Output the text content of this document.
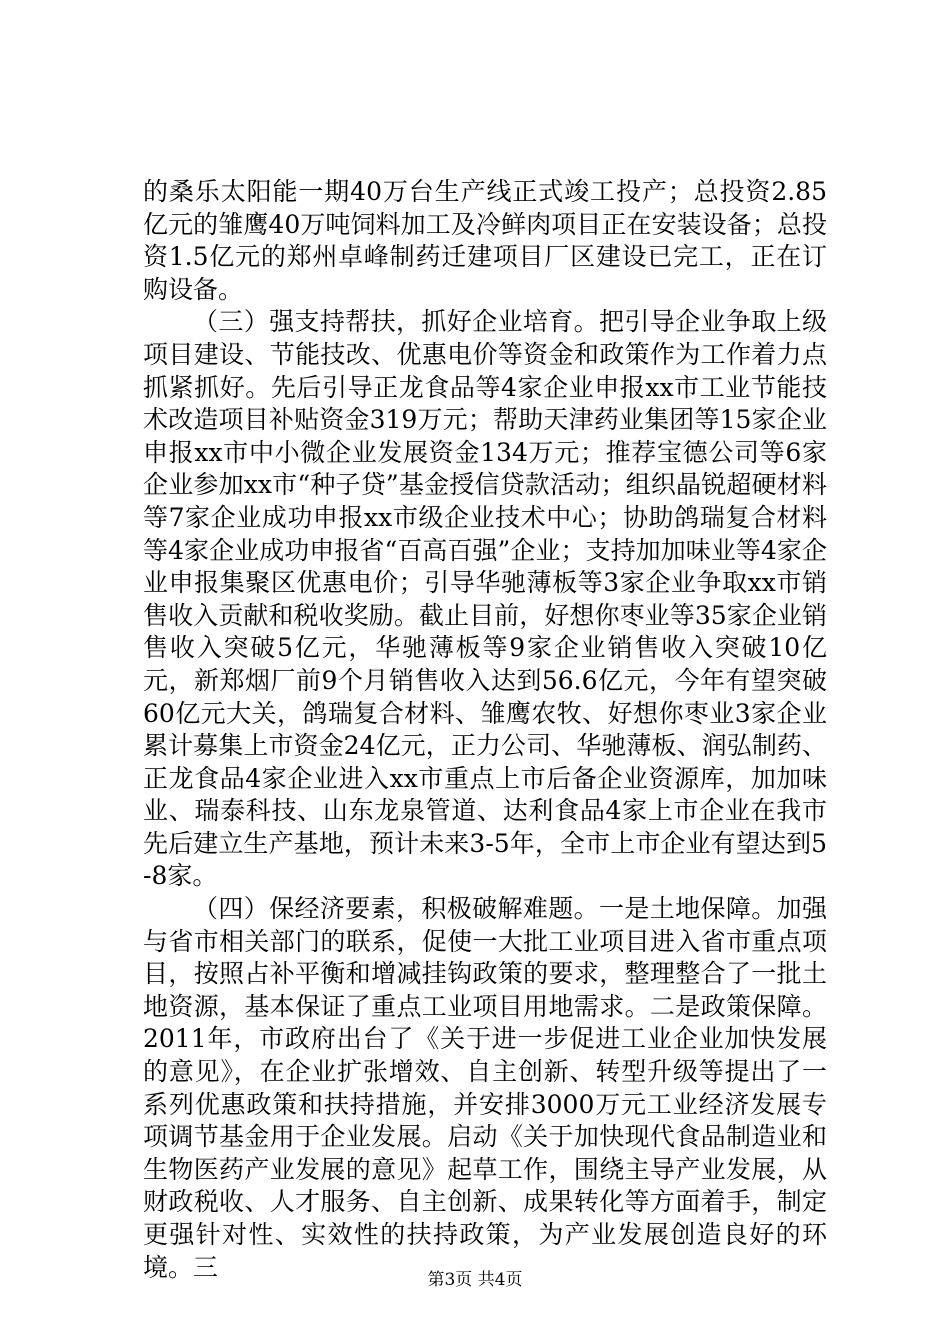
的桑乐太阳能一期40万台生产线正式竣工投产；总投资2.85亿元的雏鹰40万吨饲料加工及冷鲜肉项目正在安装设备；总投资1.5亿元的郑州卓峰制药迁建项目厂区建设已完工，正在订购设备。

（三）强支持帮扶，抓好企业培育。把引导企业争取上级项目建设、节能技改、优惠电价等资金和政策作为工作着力点抓紧抓好。先后引导正龙食品等4家企业申报xx市工业节能技术改造项目补贴资金319万元；帮助天津药业集团等15家企业申报xx市中小微企业发展资金134万元；推荐宝德公司等6家企业参加xx市“种子贷”基金授信贷款活动；组织晶锐超硬材料等7家企业成功申报xx市级企业技术中心；协助鸽瑞复合材料等4家企业成功申报省“百高百强”企业；支持加加味业等4家企业申报集聚区优惠电价；引导华驰薄板等3家企业争取xx市销售收入贡献和税收奖励。截止目前，好想你枣业等35家企业销售收入突破5亿元，华驰薄板等9家企业销售收入突破10亿元，新郑烟厂前9个月销售收入达到56.6亿元，今年有望突破60亿元大关，鸽瑞复合材料、雏鹰农牧、好想你枣业3家企业累计募集上市资金24亿元，正力公司、华驰薄板、润弘制药、正龙食品4家企业进入xx市重点上市后备企业资源库，加加味业、瑞泰科技、山东龙泉管道、达利食品4家上市企业在我市先后建立生产基地，预计未来3-5年，全市上市企业有望达到5-8家。

（四）保经济要素，积极破解难题。一是土地保障。加强与省市相关部门的联系，促使一大批工业项目进入省市重点项目，按照占补平衡和增减挂钩政策的要求，整理整合了一批土地资源，基本保证了重点工业项目用地需求。二是政策保障。2011年，市政府出台了《关于进一步促进工业企业加快发展的意见》，在企业扩张增效、自主创新、转型升级等提出了一系列优惠政策和扶持措施，并安排3000万元工业经济发展专项调节基金用于企业发展。启动《关于加快现代食品制造业和生物医药产业发展的意见》起草工作，围绕主导产业发展，从财政税收、人才服务、自主创新、成果转化等方面着手，制定更强针对性、实效性的扶持政策，为产业发展创造良好的环境。三	第3页 共4页
